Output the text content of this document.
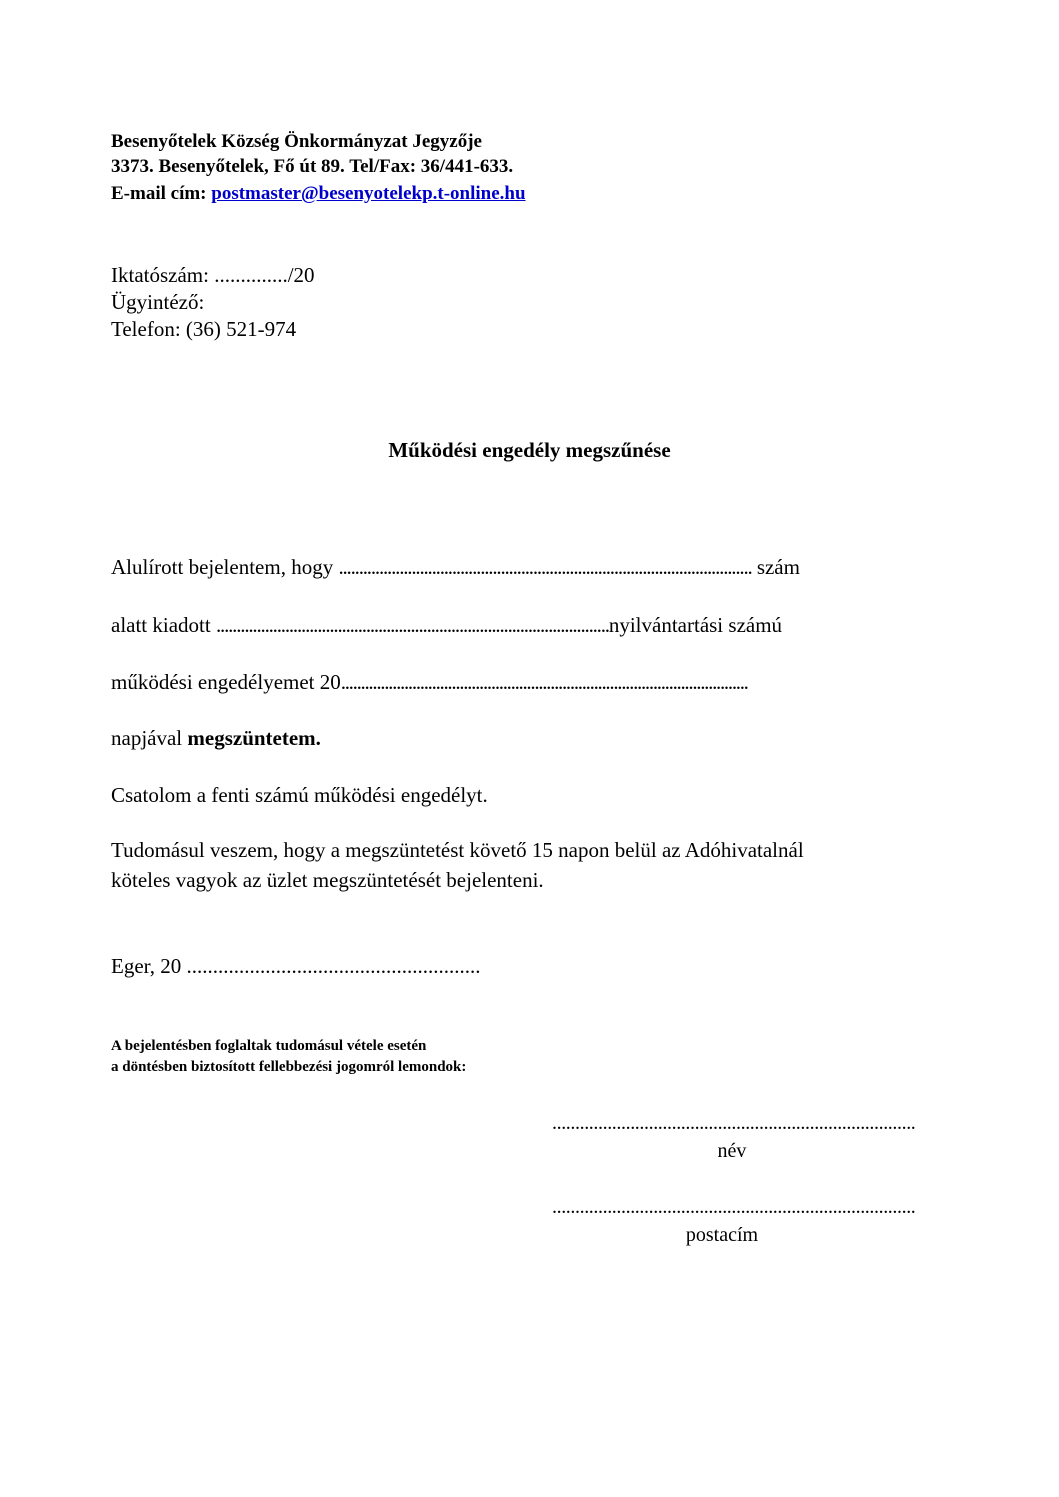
Besenyőtelek Község Önkormányzat Jegyzője
3373. Besenyőtelek, Fő út 89. Tel/Fax: 36/441-633.
E-mail cím: postmaster@besenyotelekp.t-online.hu
Iktatószám: ............../20
Ügyintéző:
Telefon: (36) 521-974
Működési engedély megszűnése
Alulírott bejelentem, hogy ...................................................................................................... szám
alatt kiadott .................................................................................................nyilvántartási számú
működési engedélyemet 20.......................................................................................................
napjával megszüntetem.
Csatolom a fenti számú működési engedélyt.
Tudomásul veszem, hogy a megszüntetést követő 15 napon belül az Adóhivatalnál
köteles vagyok az üzlet megszüntetését bejelenteni.
Eger, 20 ........................................................
A bejelentésben foglaltak tudomásul vétele esetén
a döntésben biztosított fellebbezési jogomról lemondok:
...............................................................................
név
...............................................................................
postacím
